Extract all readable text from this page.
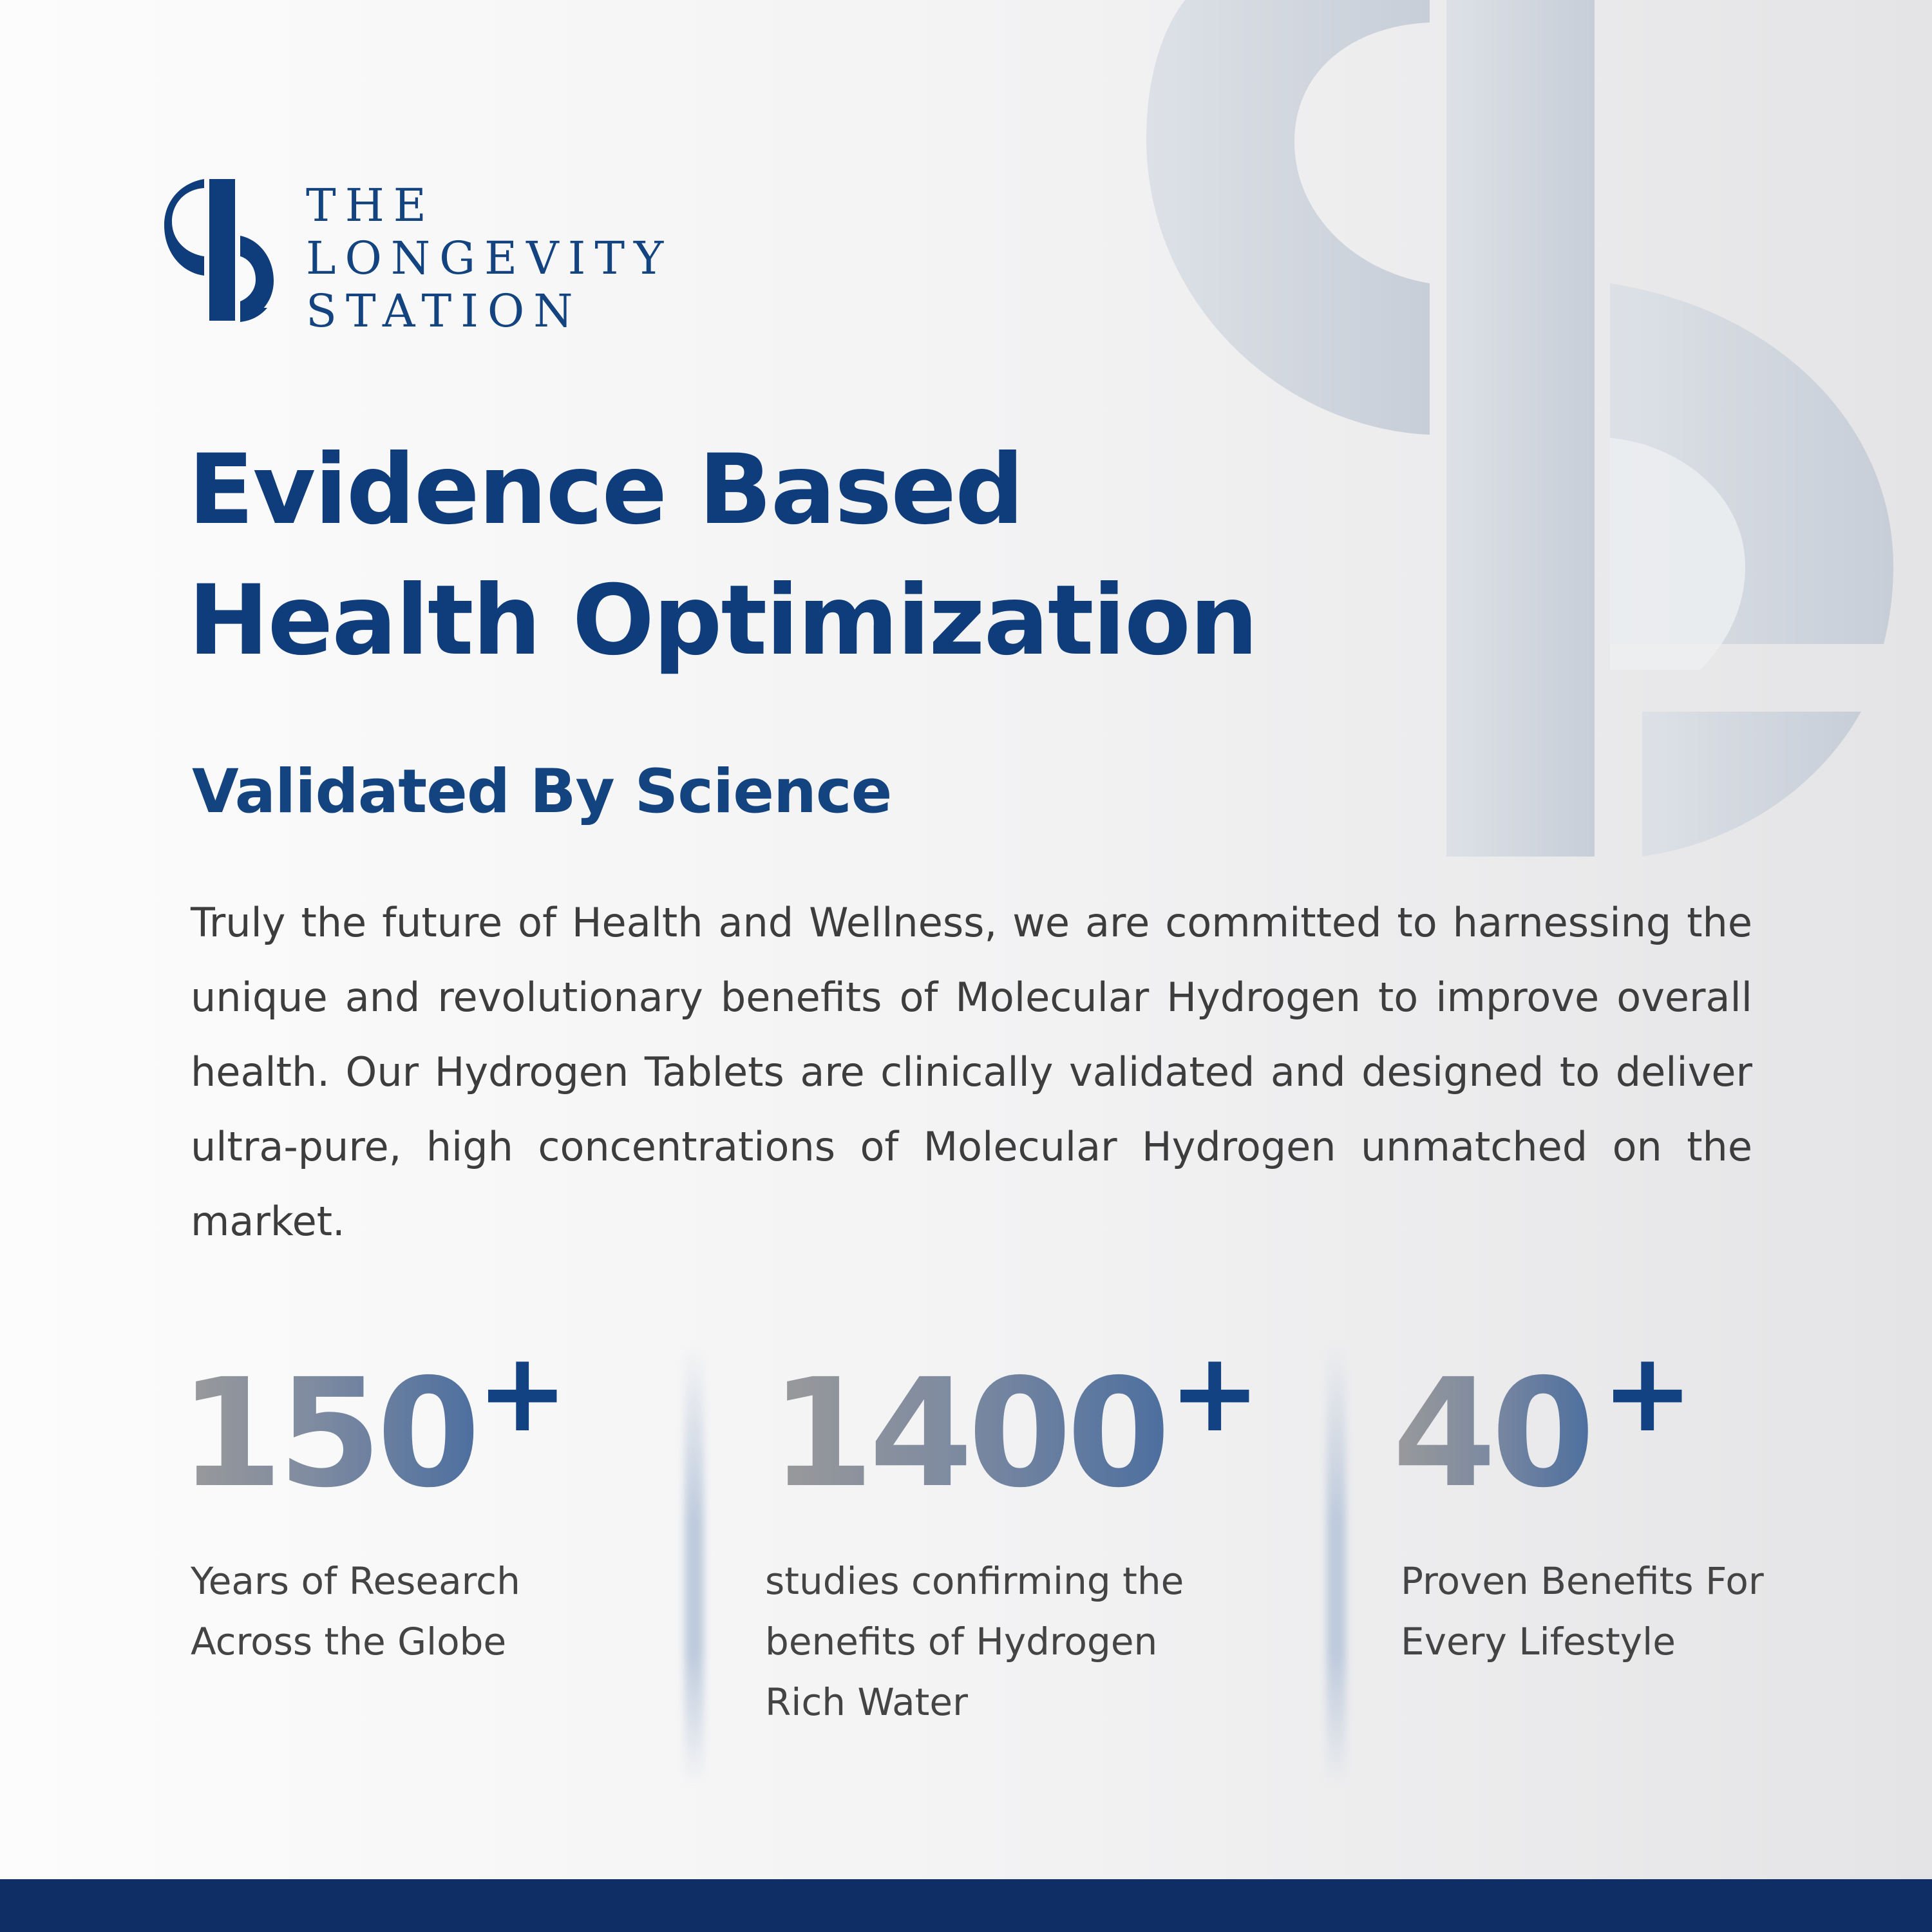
THE
LONGEVITY
STATION
Evidence Based
Health Optimization
Validated By Science

Truly the future of Health and Wellness, we are committed to harnessing the unique and revolutionary benefits of Molecular Hydrogen to improve overall health. Our Hydrogen Tablets are clinically validated and designed to deliver ultra-pure, high concentrations of Molecular Hydrogen unmatched on the market.

150 +
Years of Research
Across the Globe
1400 +
studies confirming the
benefits of Hydrogen
Rich Water
40 +
Proven Benefits For
Every Lifestyle
